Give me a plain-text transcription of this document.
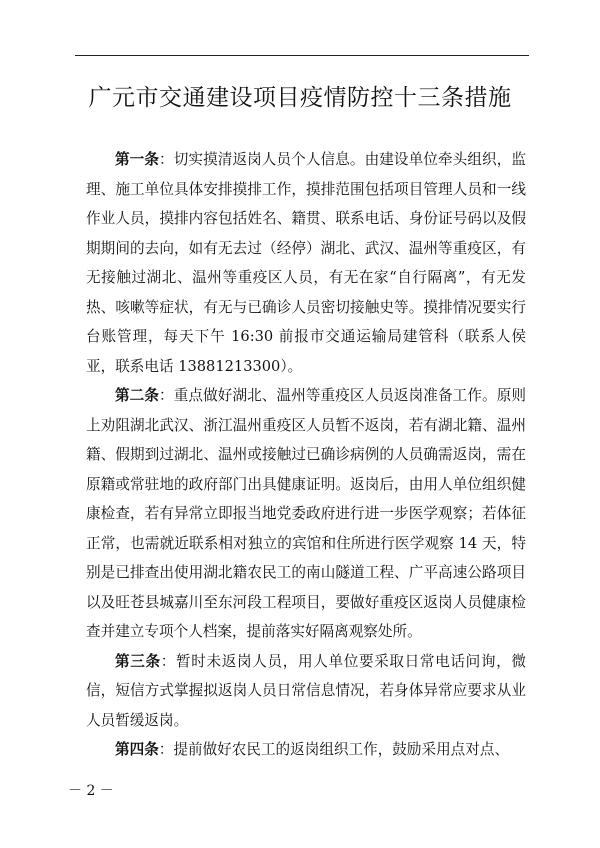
广元市交通建设项目疫情防控十三条措施

第一条：切实摸清返岗人员个人信息。由建设单位牵头组织，监理、施工单位具体安排摸排工作，摸排范围包括项目管理人员和一线作业人员，摸排内容包括姓名、籍贯、联系电话、身份证号码以及假期期间的去向，如有无去过（经停）湖北、武汉、温州等重疫区，有无接触过湖北、温州等重疫区人员，有无在家“自行隔离”，有无发热、咳嗽等症状，有无与已确诊人员密切接触史等。摸排情况要实行台账管理，每天下午 16:30 前报市交通运输局建管科（联系人侯亚，联系电话 13881213300）。

第二条：重点做好湖北、温州等重疫区人员返岗准备工作。原则上劝阻湖北武汉、浙江温州重疫区人员暂不返岗，若有湖北籍、温州籍、假期到过湖北、温州或接触过已确诊病例的人员确需返岗，需在原籍或常驻地的政府部门出具健康证明。返岗后，由用人单位组织健康检查，若有异常立即报当地党委政府进行进一步医学观察；若体征正常，也需就近联系相对独立的宾馆和住所进行医学观察 14 天，特别是已排查出使用湖北籍农民工的南山隧道工程、广平高速公路项目以及旺苍县城嘉川至东河段工程项目，要做好重疫区返岗人员健康检查并建立专项个人档案，提前落实好隔离观察处所。

第三条：暂时未返岗人员，用人单位要采取日常电话问询，微信，短信方式掌握拟返岗人员日常信息情况，若身体异常应要求从业人员暂缓返岗。

第四条：提前做好农民工的返岗组织工作，鼓励采用点对点、

－ 2 －
